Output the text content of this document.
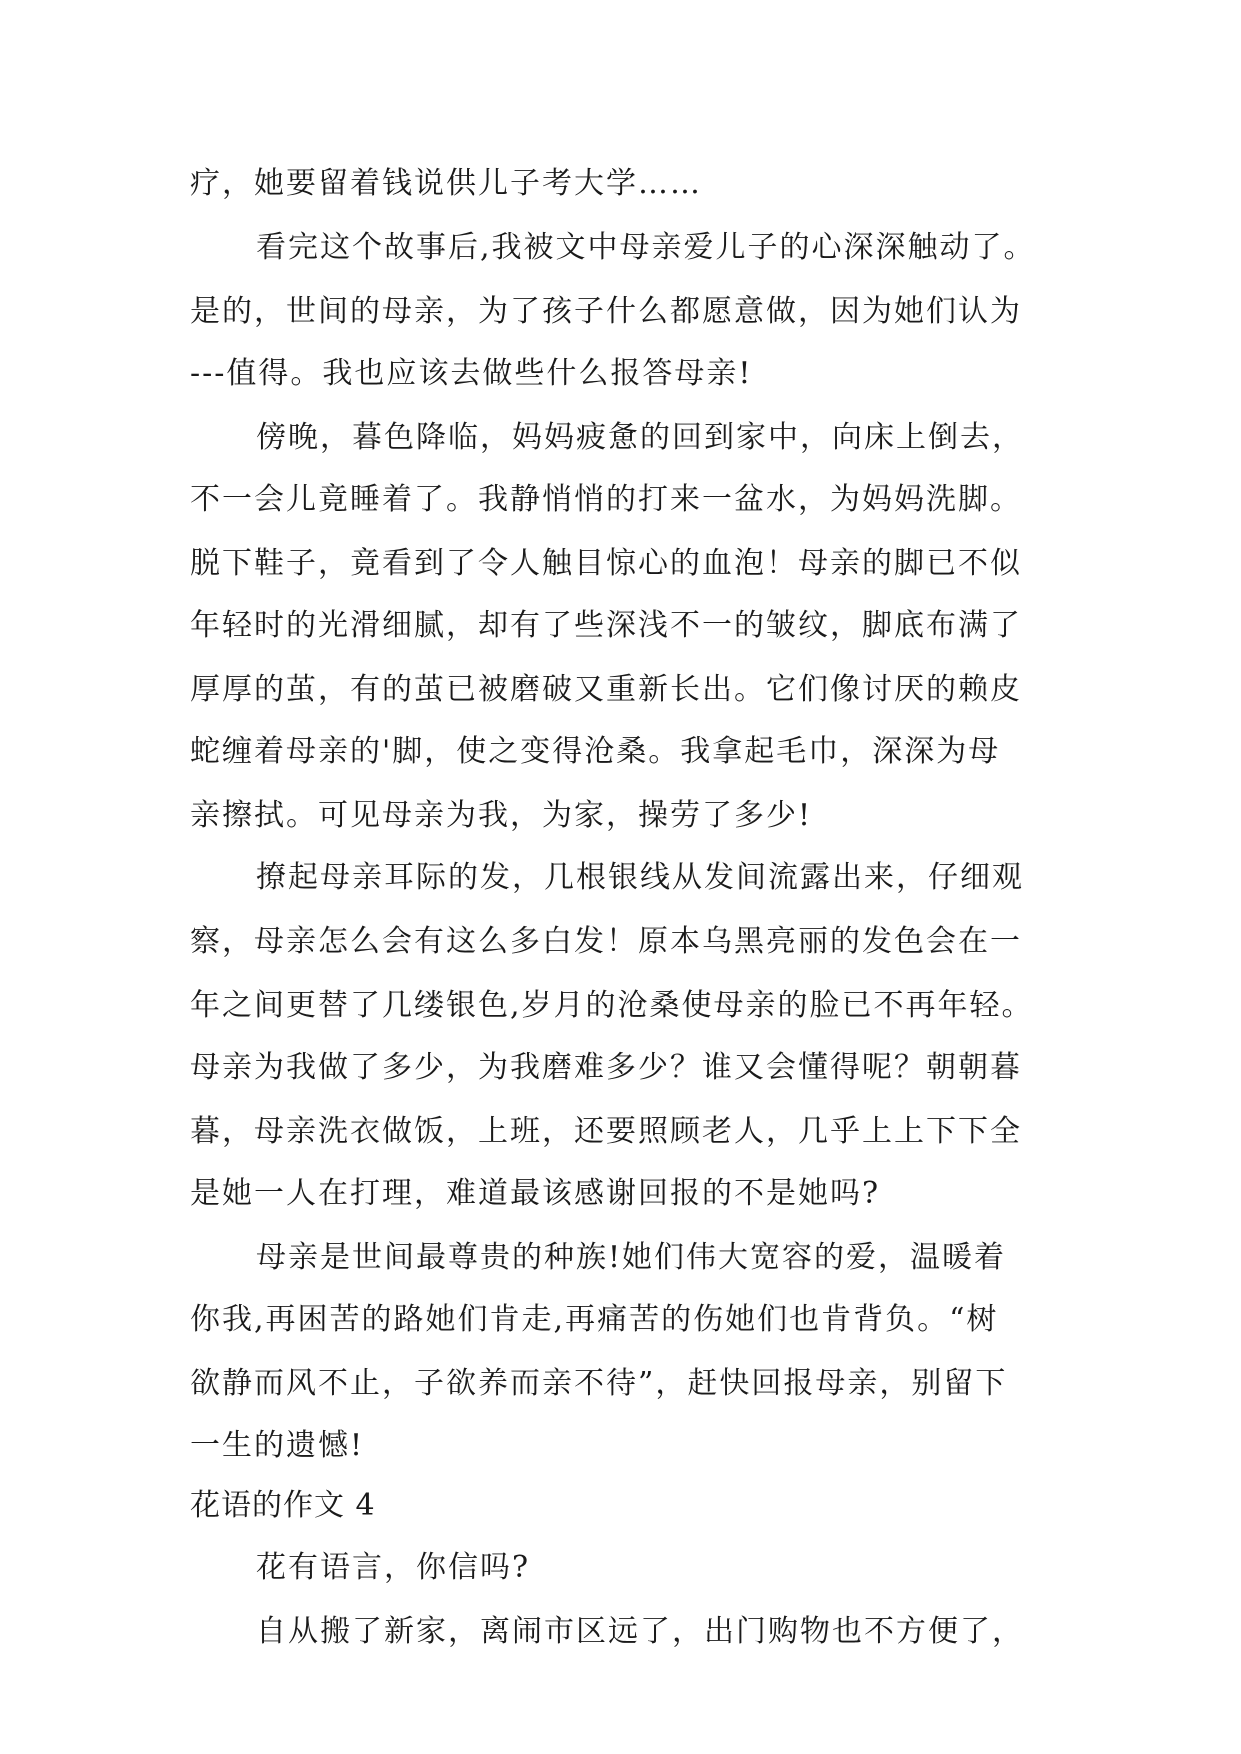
疗，她要留着钱说供儿子考大学……
看完这个故事后,我被文中母亲爱儿子的心深深触动了。
是的，世间的母亲，为了孩子什么都愿意做，因为她们认为
---值得。我也应该去做些什么报答母亲!
傍晚，暮色降临，妈妈疲惫的回到家中，向床上倒去，
不一会儿竟睡着了。我静悄悄的打来一盆水，为妈妈洗脚。
脱下鞋子，竟看到了令人触目惊心的血泡！母亲的脚已不似
年轻时的光滑细腻，却有了些深浅不一的皱纹，脚底布满了
厚厚的茧，有的茧已被磨破又重新长出。它们像讨厌的赖皮
蛇缠着母亲的'脚，使之变得沧桑。我拿起毛巾，深深为母
亲擦拭。可见母亲为我，为家，操劳了多少!
撩起母亲耳际的发，几根银线从发间流露出来，仔细观
察，母亲怎么会有这么多白发！原本乌黑亮丽的发色会在一
年之间更替了几缕银色,岁月的沧桑使母亲的脸已不再年轻。
母亲为我做了多少，为我磨难多少？谁又会懂得呢？朝朝暮
暮，母亲洗衣做饭，上班，还要照顾老人，几乎上上下下全
是她一人在打理，难道最该感谢回报的不是她吗?
母亲是世间最尊贵的种族!她们伟大宽容的爱，温暖着
你我,再困苦的路她们肯走,再痛苦的伤她们也肯背负。“树
欲静而风不止，子欲养而亲不待”，赶快回报母亲，别留下
一生的遗憾!
花语的作文 4
花有语言，你信吗?
自从搬了新家，离闹市区远了，出门购物也不方便了，
